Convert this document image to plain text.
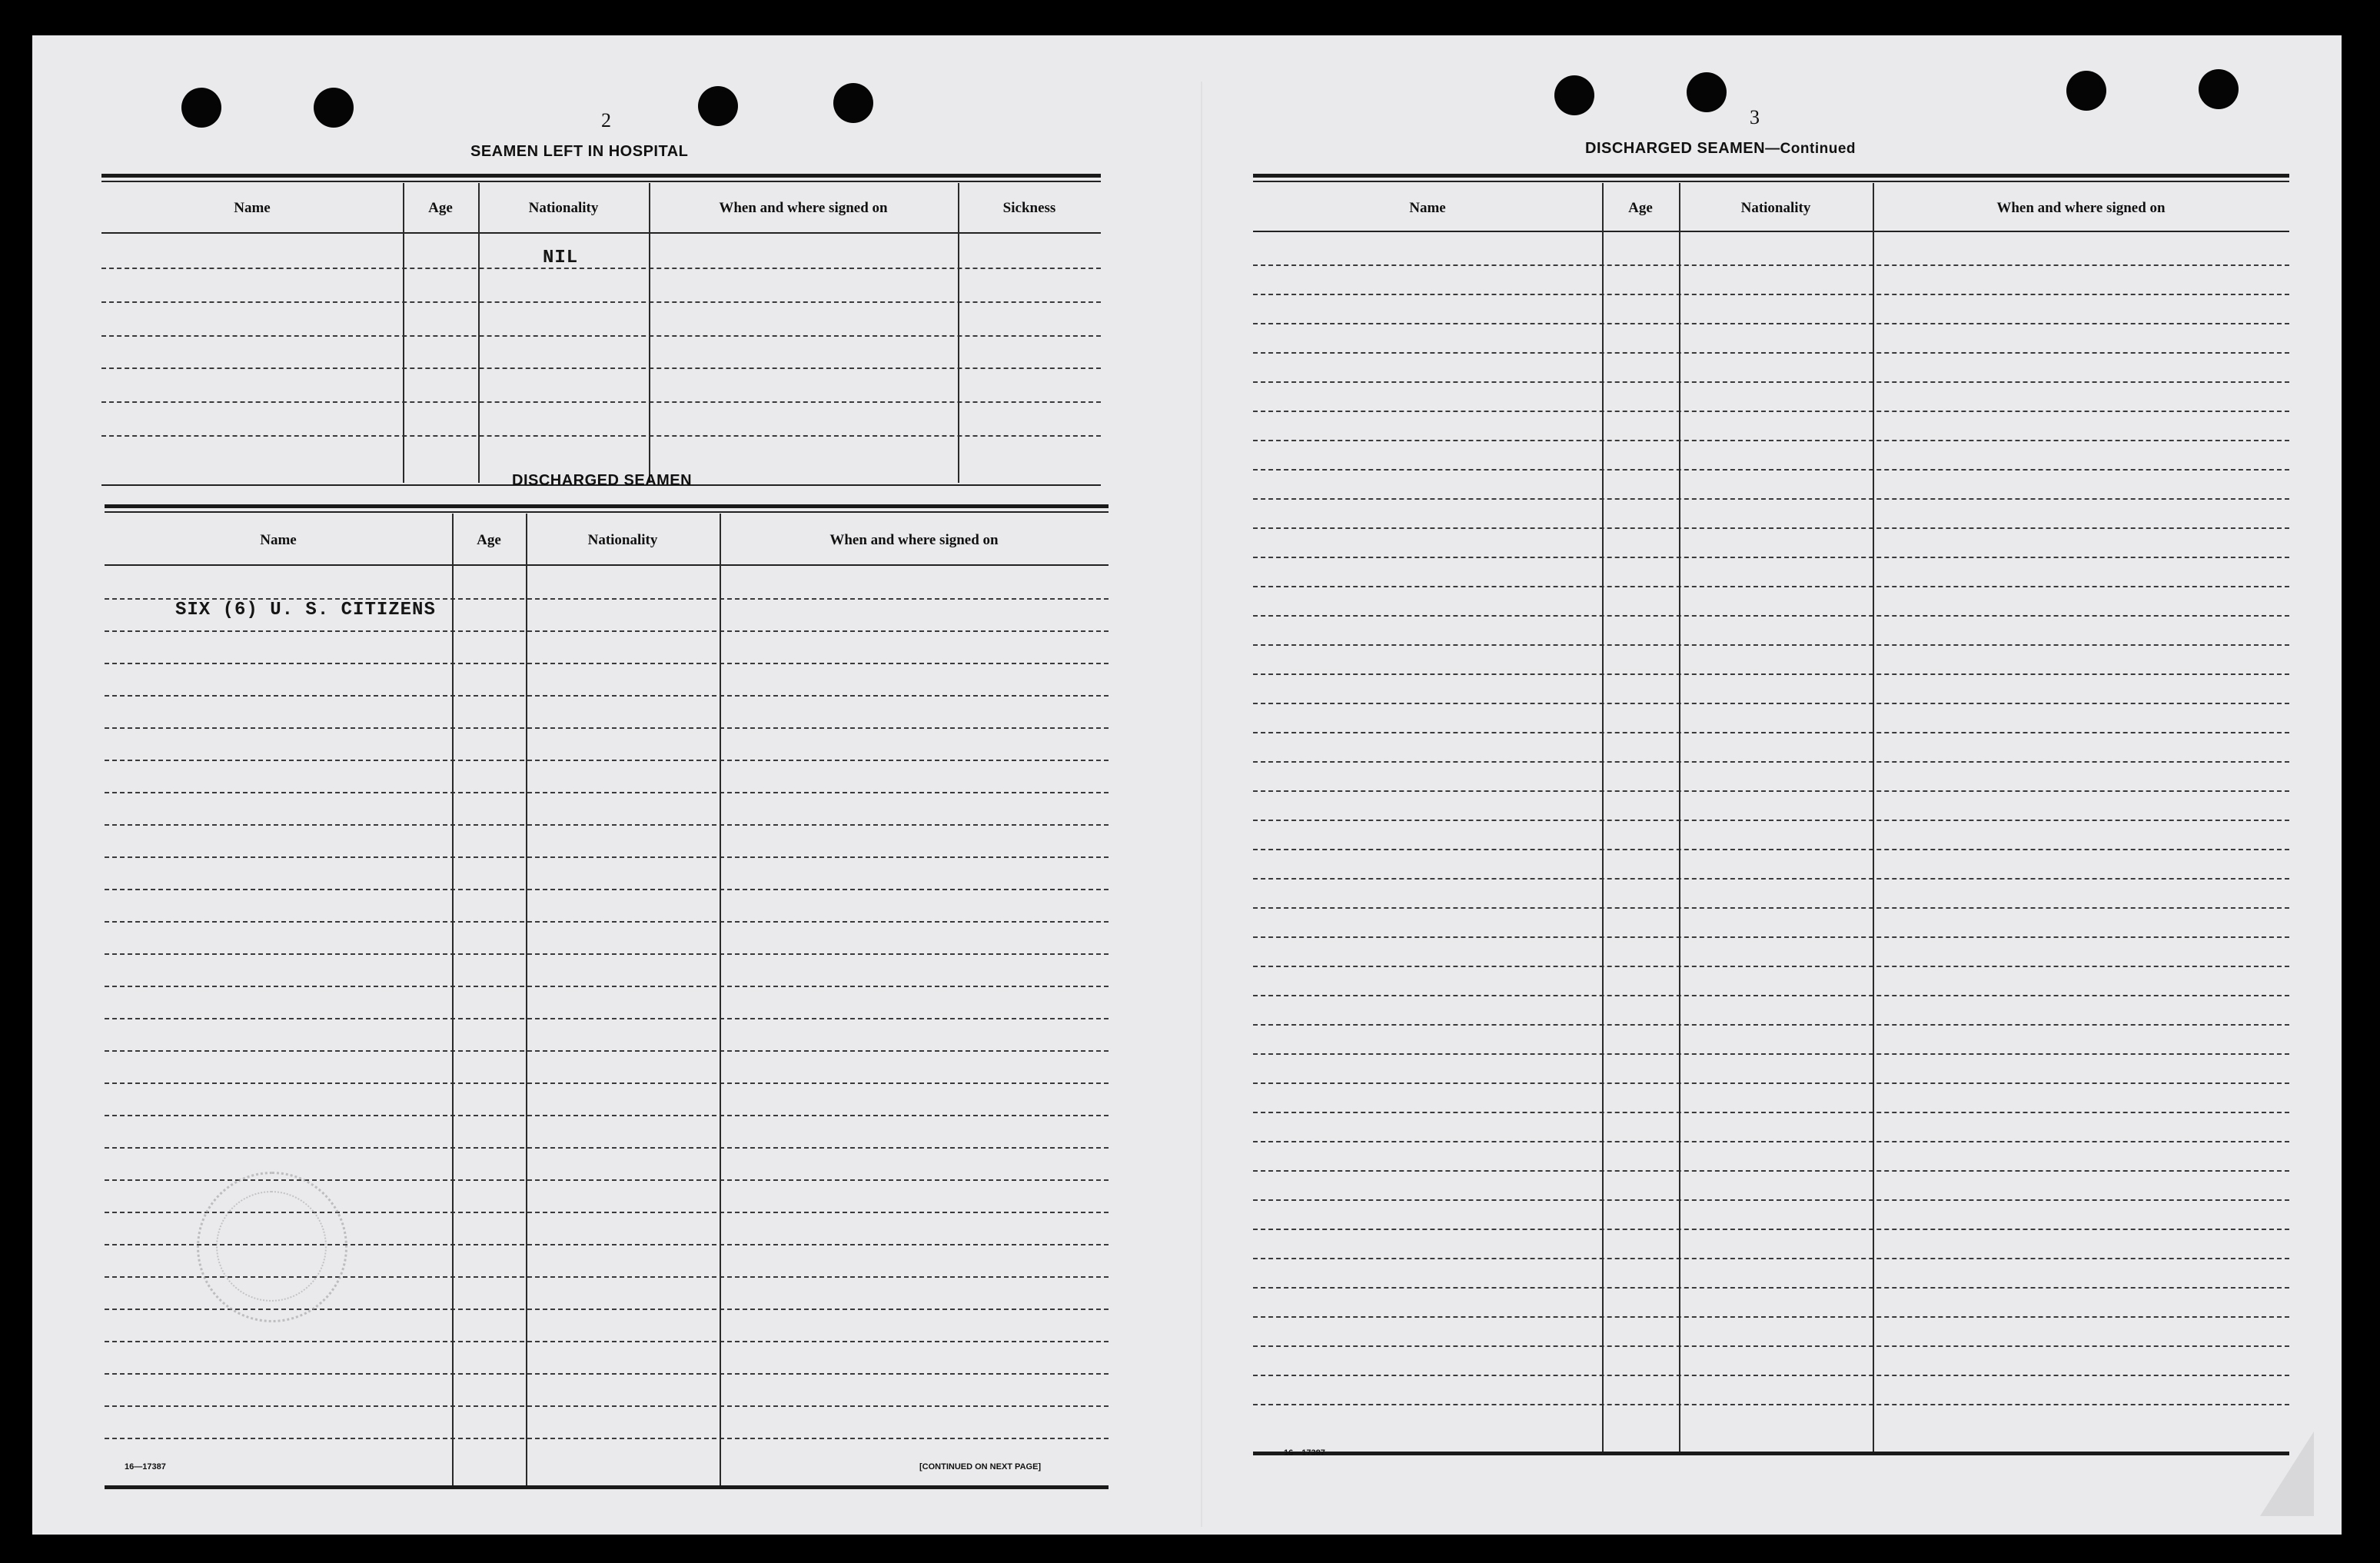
2
SEAMEN LEFT IN HOSPITAL
Name	Age	Nationality	When and where signed on	Sickness
NIL
DISCHARGED SEAMEN
Name	Age	Nationality	When and where signed on
SIX (6) U. S. CITIZENS
16—17387	[CONTINUED ON NEXT PAGE]
3
DISCHARGED SEAMEN—Continued
Name	Age	Nationality	When and where signed on
16—17387
